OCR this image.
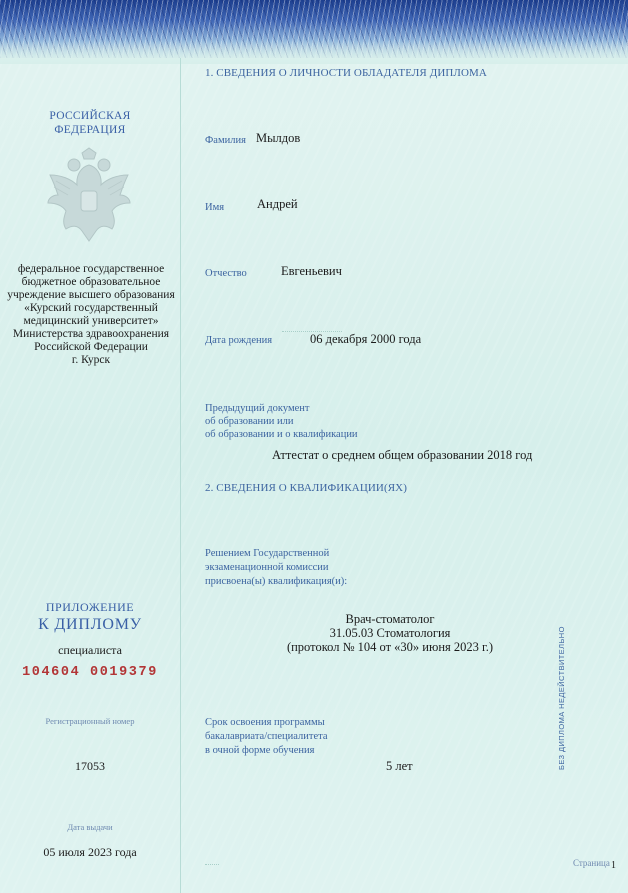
РОССИЙСКАЯ ФЕДЕРАЦИЯ
федеральное государственное бюджетное образовательное учреждение высшего образования «Курский государственный медицинский университет» Министерства здравоохранения Российской Федерации
г. Курск
ПРИЛОЖЕНИЕ
К ДИПЛОМУ
специалиста
104604 0019379
Регистрационный номер
17053
Дата выдачи
05 июля 2023 года
1. СВЕДЕНИЯ О ЛИЧНОСТИ ОБЛАДАТЕЛЯ ДИПЛОМА
Фамилия Мылдов
Имя	Андрей
Отчество	Евгеньевич
Дата рождения	06 декабря 2000 года
Предыдущий документ
об образовании или
об образовании и о квалификации
Аттестат о среднем общем образовании 2018 год
2. СВЕДЕНИЯ О КВАЛИФИКАЦИИ(ЯХ)
Решением Государственной
экзаменационной комиссии
присвоена(ы) квалификация(и):
Врач-стоматолог
31.05.03 Стоматология
(протокол № 104 от «30» июня 2023 г.)
Срок освоения программы
бакалавриата/специалитета
в очной форме обучения
5 лет	БЕЗ ДИПЛОМА НЕДЕЙСТВИТЕЛЬНО
Страница 1
